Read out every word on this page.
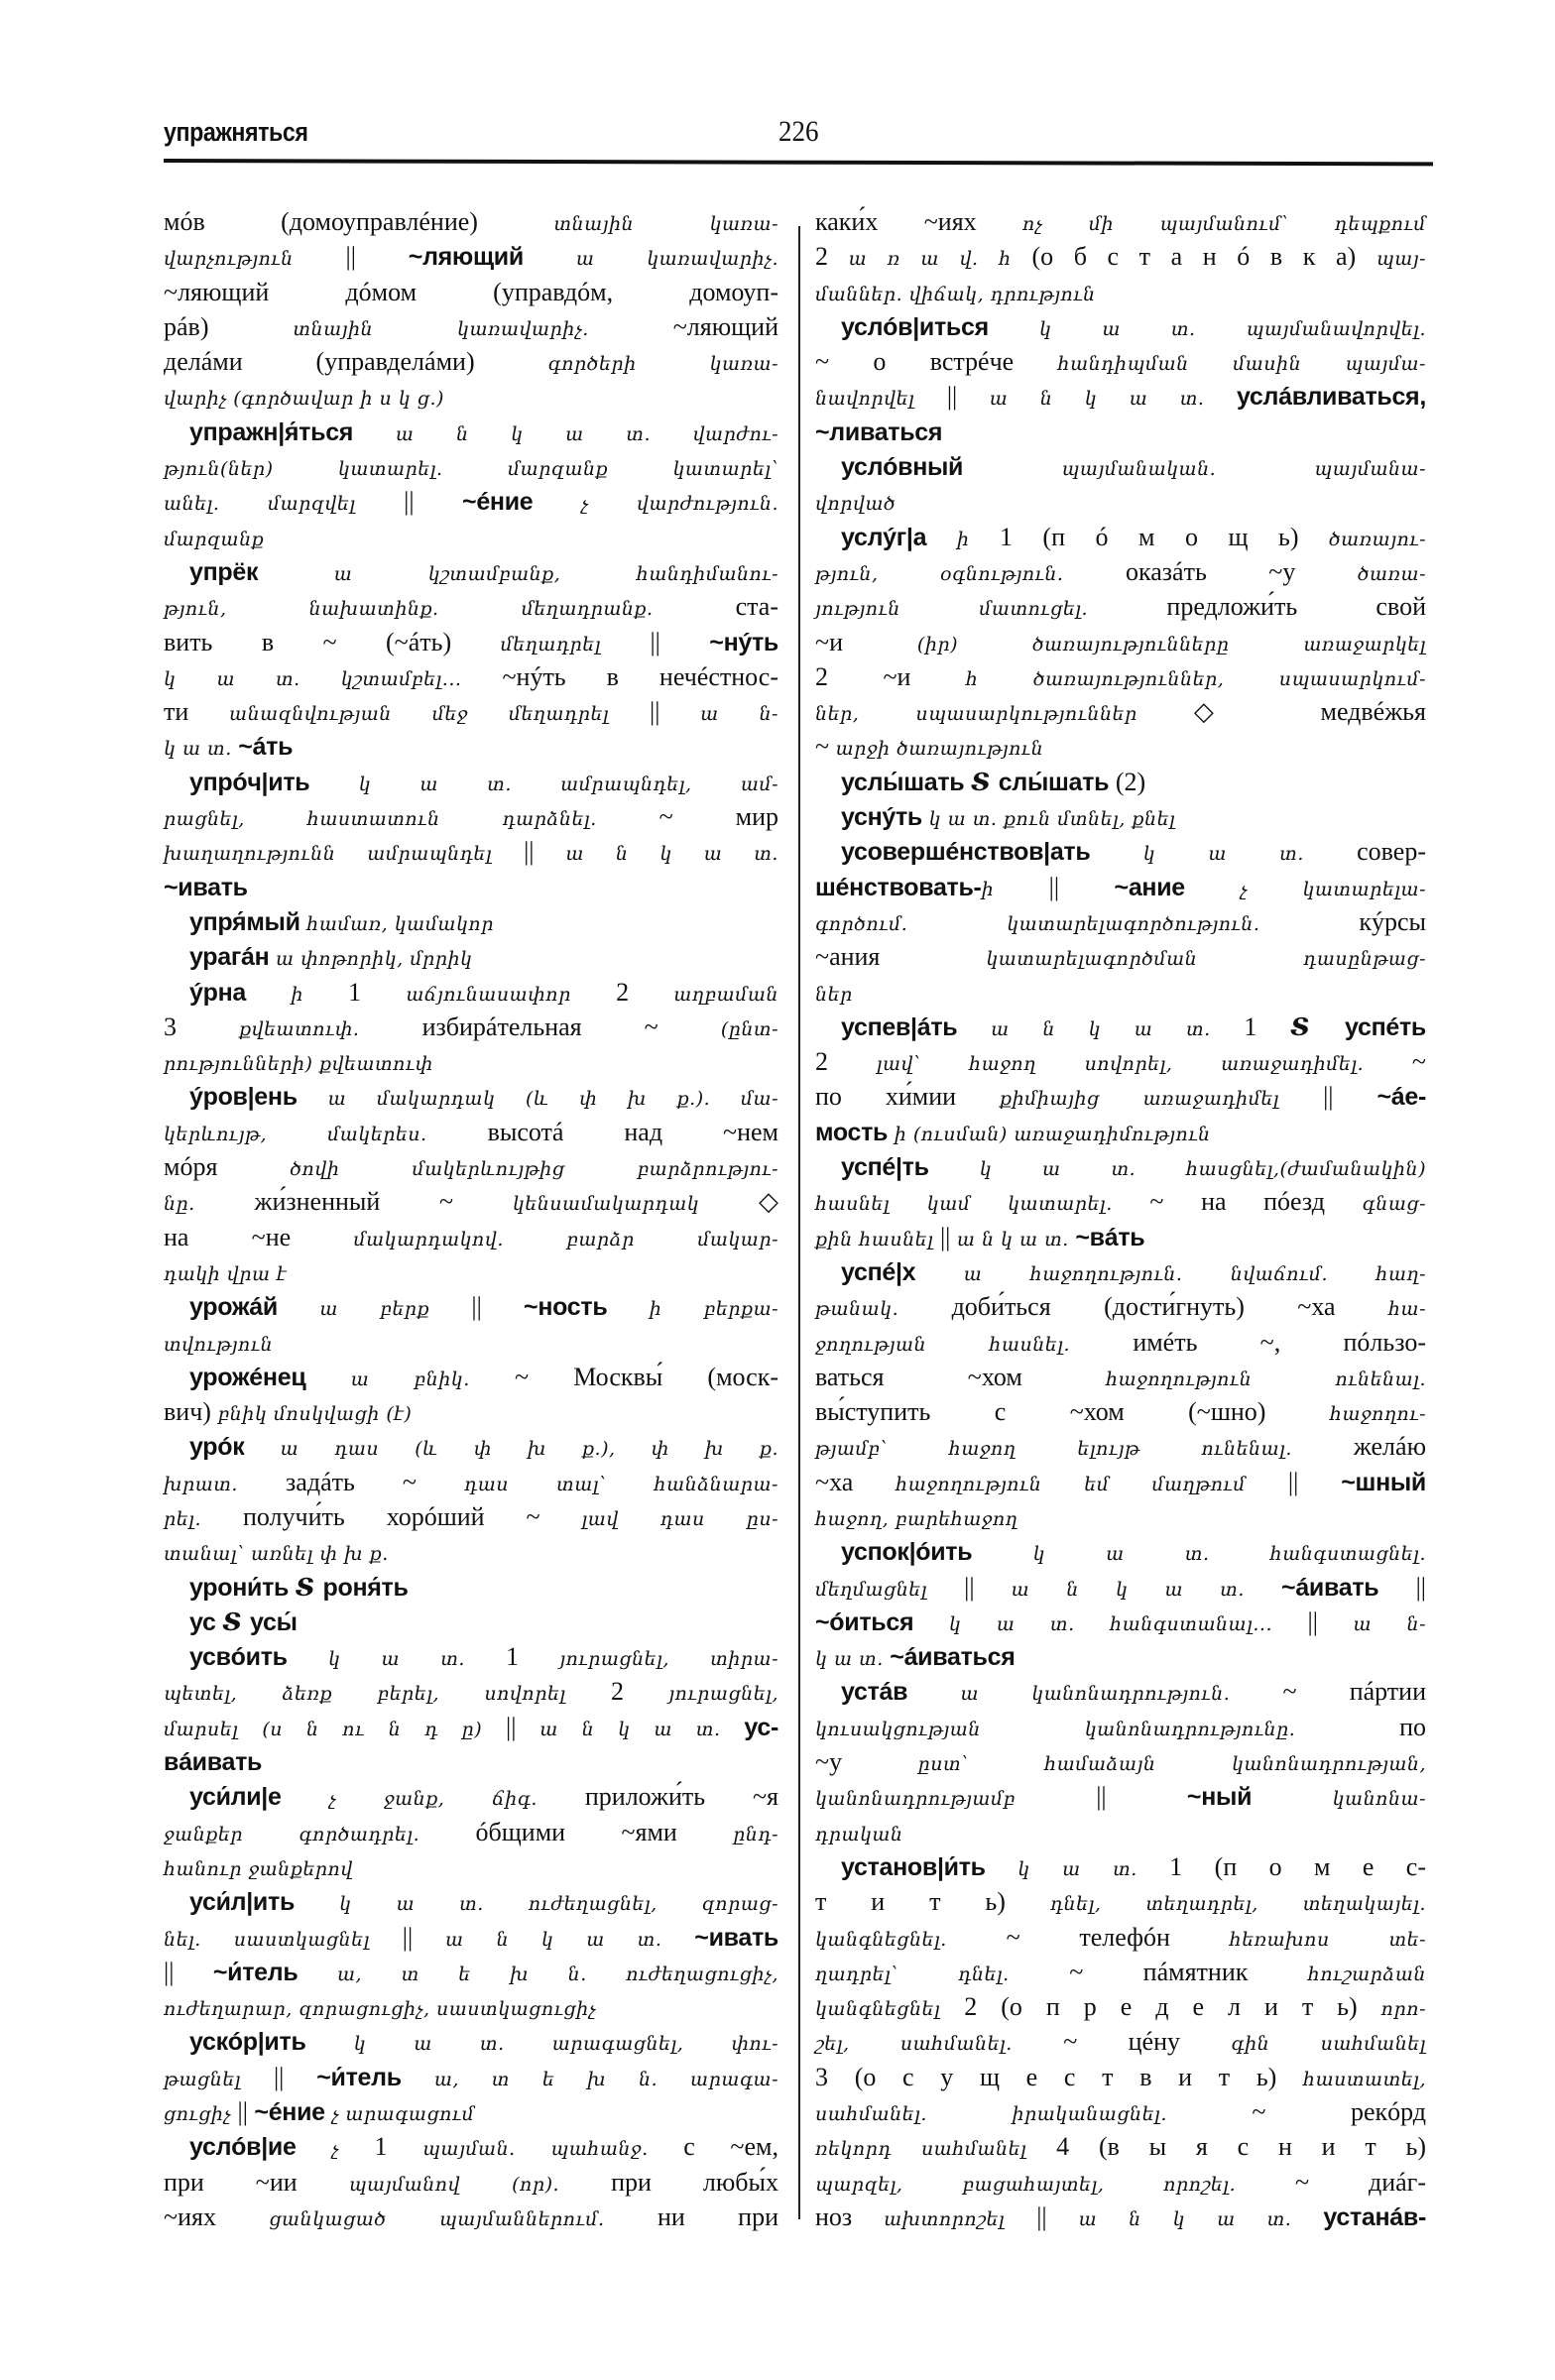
упражняться	226
мóв (домоуправлéние) տնային կառա-
վարչություն || ~ляющий ա կառավարիչ.
~ляющий дóмом (управдóм, домоуп-
рáв) տնային կառավարիչ. ~ляющий
делáми (управделáми) գործերի կառա-
վարիչ (գործավար ի ս կ ց.)
упражн|я́ться ա ն կ ա տ. վարժու-
թյուն(ներ) կատարել. մարզանք կատարել՝
անել. մարզվել || ~éние չ վարժություն.
մարզանք
упрёк ա կշտամբանք, հանդիմանու-
թյուն, նախատինք. մեղադրանք. ста-
вить в ~ (~áть) մեղադրել || ~нýть
կ ա տ. կշտամբել... ~нýть в нечéстнос-
ти անազնվության մեջ մեղադրել || ա ն-
կ ա տ. ~áть
упрóч|ить կ ա տ. ամրապնդել, ամ-
րացնել, հաստատուն դարձնել. ~ мир
խաղաղությունն ամրապնդել || ա ն կ ա տ.
~ивать
упря́мый համառ, կամակոր
урагáн ա փոթորիկ, մրրիկ
ýрна ի 1 աճյունասափոր 2 աղբաման
3 քվեատուփ. избирáтельная ~ (ընտ-
րությունների) քվեատուփ
ýров|ень ա մակարդակ (և փ խ ք.). մա-
կերևույթ, մակերես. высотá над ~нем
мóря ծովի մակերևույթից բարձրությու-
նը. жи́зненный ~ կենսամակարդակ ◇
на ~не մակարդակով. բարձր մակար-
դակի վրա է
урожáй ա բերք || ~ность ի բերքա-
տվություն
урожéнец ա բնիկ. ~ Москвы́ (моск-
вич) բնիկ մոսկվացի (է)
урóк ա դաս (և փ խ ք.), փ խ ք.
խրատ. задáть ~ դաս տալ՝ հանձնարա-
րել. получи́ть хорóший ~ լավ դաս ըս-
տանալ՝ առնել փ խ ք.
урони́ть Տ роня́ть
ус Տ усы́
усвóить կ ա տ. 1 յուրացնել, տիրա-
պետել, ձեռք բերել, սովորել 2 յուրացնել,
մարսել (ս ն ու ն դ ը) || ա ն կ ա տ. ус-
вáивать
уси́ли|е չ ջանք, ճիգ. приложи́ть ~я
ջանքեր գործադրել. óбщими ~ями ընդ-
հանուր ջանքերով
уси́л|ить կ ա տ. ուժեղացնել, զորաց-
նել. սաստկացնել || ա ն կ ա տ. ~ивать
|| ~и́тель ա, տ ե խ ն. ուժեղացուցիչ,
ուժեղարար, զորացուցիչ, սաստկացուցիչ
ускóр|ить կ ա տ. արագացնել, փու-
թացնել || ~и́тель ա, տ ե խ ն. արագա-
ցուցիչ || ~éние չ արագացում
услóв|ие չ 1 պայման. պահանջ. с ~ем,
при ~ии պայմանով (որ). при любы́х
~иях ցանկացած պայմաններում. ни при
каки́х ~иях ոչ մի պայմանում՝ դեպքում
2 ա ռ ա վ. հ (о б с т а н ó в к а) պայ-
մաններ. վիճակ, դրություն
услóв|иться կ ա տ. պայմանավորվել.
~ о встрéче հանդիպման մասին պայմա-
նավորվել || ա ն կ ա տ. услáвливаться,
~ливаться
услóвный պայմանական. պայմանա-
վորված
услýг|а ի 1 (п ó м о щ ь) ծառայու-
թյուն, օգնություն. оказáть ~у ծառա-
յություն մատուցել. предложи́ть свой
~и (իր) ծառայությունները առաջարկել
2 ~и հ ծառայություններ, սպասարկում-
ներ, սպասարկություններ ◇ медвéжья
~ արջի ծառայություն
услы́шать Տ слы́шать (2)
уснýть կ ա տ. քուն մտնել, քնել
усовершéнствов|ать կ ա տ. совер-
шéнствовать-ի || ~ание չ կատարելա-
գործում. կատարելագործություն. кýрсы
~ания կատարելագործման դասընթաց-
ներ
успев|áть ա ն կ ա տ. 1 Տ успéть
2 լավ՝ հաջող սովորել, առաջադիմել. ~
по хи́мии քիմիայից առաջադիմել || ~áе-
мость ի (ուսման) առաջադիմություն
успé|ть կ ա տ. հասցնել,(ժամանակին)
հասնել կամ կատարել. ~ на пóезд գնաց-
քին հասնել || ա ն կ ա տ. ~вáть
успé|х ա հաջողություն. նվաճում. հաղ-
թանակ. доби́ться (дости́гнуть) ~ха հա-
ջողության հասնել. имéть ~, пóльзо-
ваться ~хом հաջողություն ունենալ.
вы́ступить с ~хом (~шно) հաջողու-
թյամբ՝ հաջող ելույթ ունենալ. желáю
~ха հաջողություն եմ մաղթում || ~шный
հաջող, բարեհաջող
успок|óить կ ա տ. հանգստացնել.
մեղմացնել || ա ն կ ա տ. ~áивать ||
~óиться կ ա տ. հանգստանալ... || ա ն-
կ ա տ. ~áиваться
устáв ա կանոնադրություն. ~ пáртии
կուսակցության կանոնադրությունը. по
~у ըստ՝ համաձայն կանոնադրության,
կանոնադրությամբ || ~ный կանոնա-
դրական
установ|и́ть կ ա տ. 1 (п о м е с-
т и т ь) դնել, տեղադրել, տեղակայել.
կանգնեցնել. ~ телефóн հեռախոս տե-
ղադրել՝ դնել. ~ пáмятник հուշարձան
կանգնեցնել 2 (о п р е д е л и т ь) որո-
շել, սահմանել. ~ цéну գին սահմանել
3 (о с у щ е с т в и т ь) հաստատել,
սահմանել. իրականացնել. ~ рекóрд
ռեկորդ սահմանել 4 (в ы я с н и т ь)
պարզել, բացահայտել, որոշել. ~ диáг-
ноз ախտորոշել || ա ն կ ա տ. устанáв-
